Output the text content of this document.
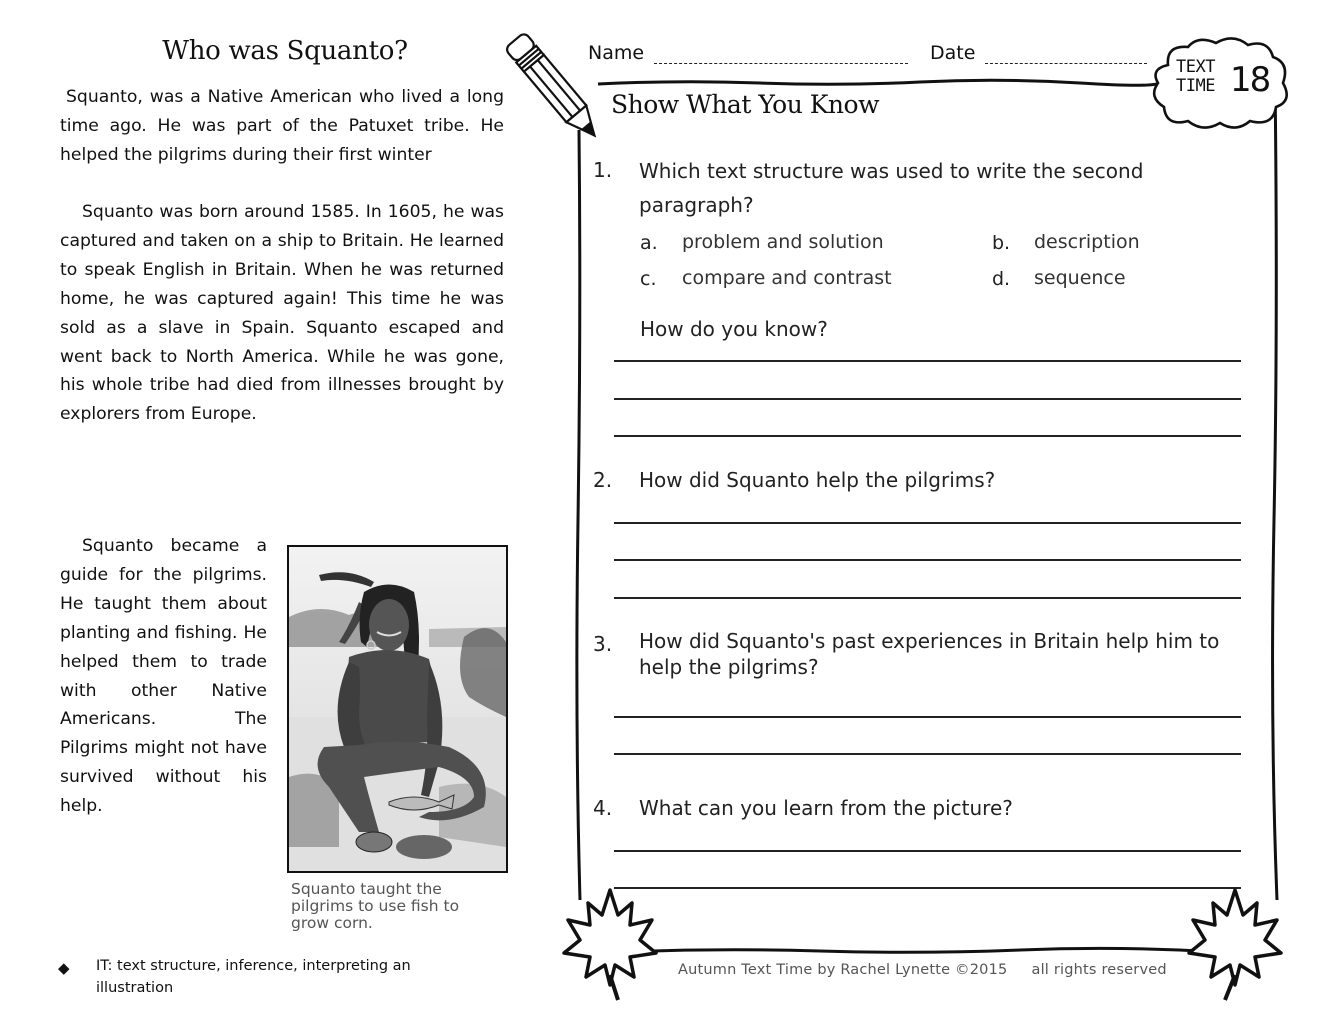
Who was Squanto?
Squanto, was a Native American who lived a long time ago. He was part of the Patuxet tribe. He helped the pilgrims during their first winter
Squanto was born around 1585. In 1605, he was captured and taken on a ship to Britain. He learned to speak English in Britain. When he was returned home, he was captured again! This time he was sold as a slave in Spain. Squanto escaped and went back to North America. While he was gone, his whole tribe had died from illnesses brought by explorers from Europe.
Squanto became a guide for the pilgrims. He taught them about planting and fishing. He helped them to trade with other Native Americans. The Pilgrims might not have survived without his help.
Squanto taught the pilgrims to use fish to grow corn.
◆ IT: text structure, inference, interpreting an illustration
TEXT
TIME 18
Name	Date
Show What You Know
1. Which text structure was used to write the second paragraph?
a. problem and solution	b. description
c. compare and contrast	d. sequence
How do you know?
2. How did Squanto help the pilgrims?
3. How did Squanto's past experiences in Britain help him to help the pilgrims?
4. What can you learn from the picture?
Autumn Text Time by Rachel Lynette ©2015     all rights reserved
